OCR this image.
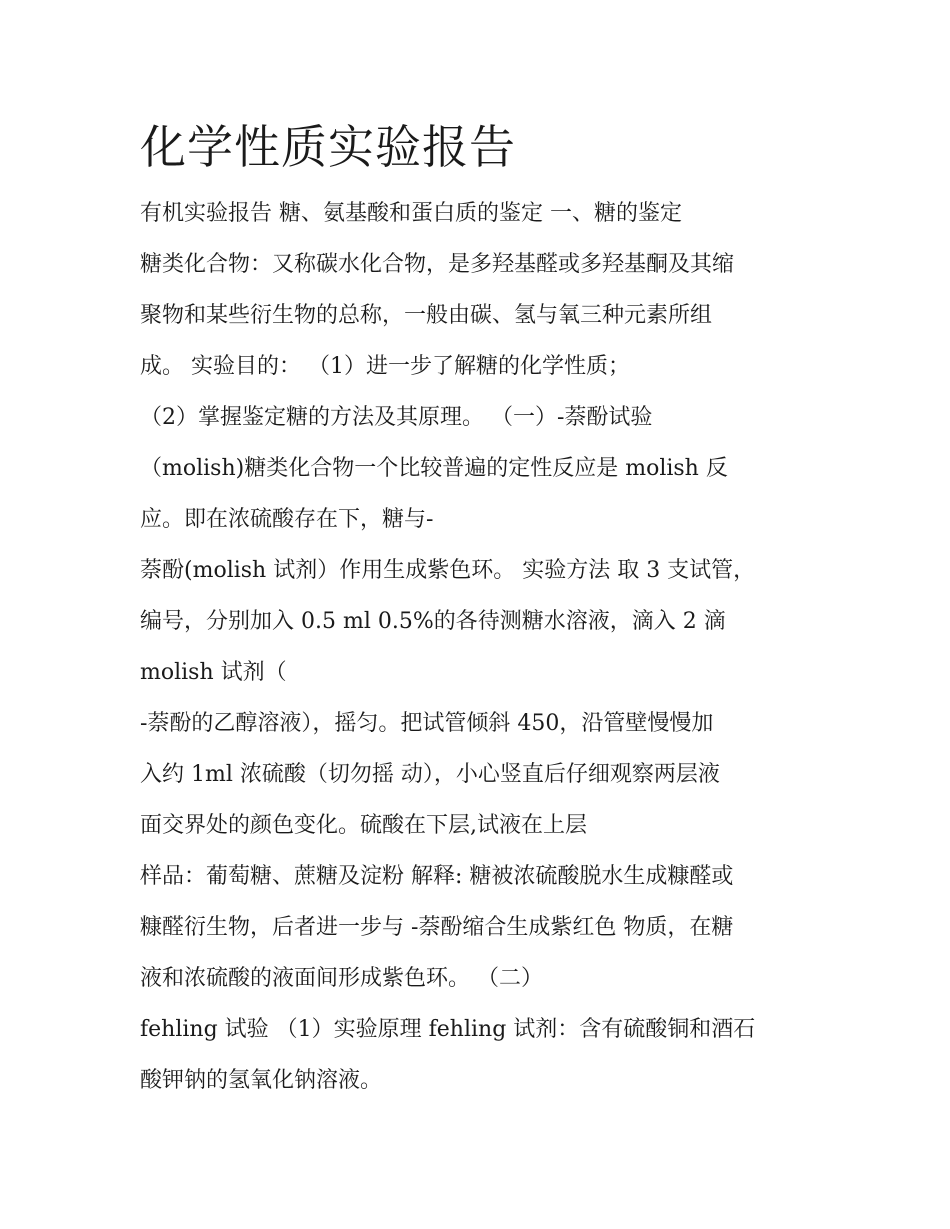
化学性质实验报告
有机实验报告 糖、氨基酸和蛋白质的鉴定 一、糖的鉴定
糖类化合物：又称碳水化合物，是多羟基醛或多羟基酮及其缩
聚物和某些衍生物的总称，一般由碳、氢与氧三种元素所组
成。 实验目的： （1）进一步了解糖的化学性质；
（2）掌握鉴定糖的方法及其原理。 （一）-萘酚试验
（molish)糖类化合物一个比较普遍的定性反应是 molish 反
应。即在浓硫酸存在下，糖与-
萘酚(molish 试剂）作用生成紫色环。 实验方法 取 3 支试管，
编号，分别加入 0.5 ml 0.5%的各待测糖水溶液，滴入 2 滴
molish 试剂（
-萘酚的乙醇溶液），摇匀。把试管倾斜 450，沿管壁慢慢加
入约 1ml 浓硫酸（切勿摇 动），小心竖直后仔细观察两层液
面交界处的颜色变化。硫酸在下层,试液在上层
样品：葡萄糖、蔗糖及淀粉 解释: 糖被浓硫酸脱水生成糠醛或
糠醛衍生物，后者进一步与 -萘酚缩合生成紫红色 物质，在糖
液和浓硫酸的液面间形成紫色环。 （二）
fehling 试验 （1）实验原理 fehling 试剂：含有硫酸铜和酒石
酸钾钠的氢氧化钠溶液。
